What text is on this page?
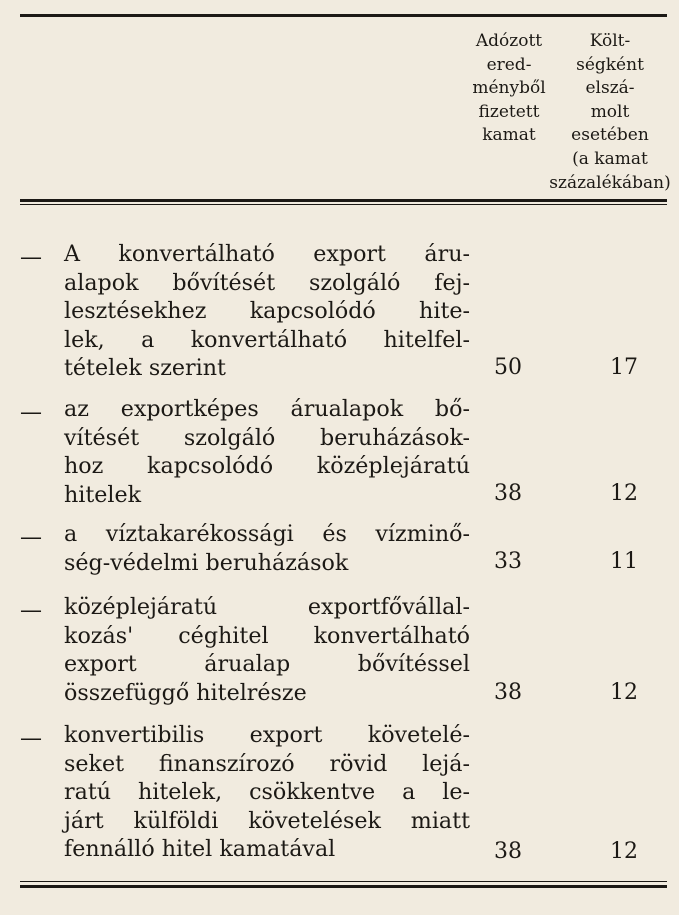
Adózott
ered-
ményből
fizetett
kamat
Költ-
ségként
elszá-
molt
esetében
(a kamat
százalékában)
— A konvertálható export áru-
alapok bővítését szolgáló fej-
lesztésekhez kapcsolódó hite-
lek, a konvertálható hitelfel-
tételek szerint	50	17
— az exportképes árualapok bő-
vítését szolgáló beruházások-
hoz kapcsolódó középlejáratú
hitelek	38	12
— a víztakarékossági és vízminő-
ség-védelmi beruházások	33	11
— középlejáratú exportfővállal-
kozás' céghitel konvertálható
export árualap bővítéssel
összefüggő hitelrésze	38	12
— konvertibilis export követelé-
seket finanszírozó rövid lejá-
ratú hitelek, csökkentve a le-
járt külföldi követelések miatt
fennálló hitel kamatával	38	12
